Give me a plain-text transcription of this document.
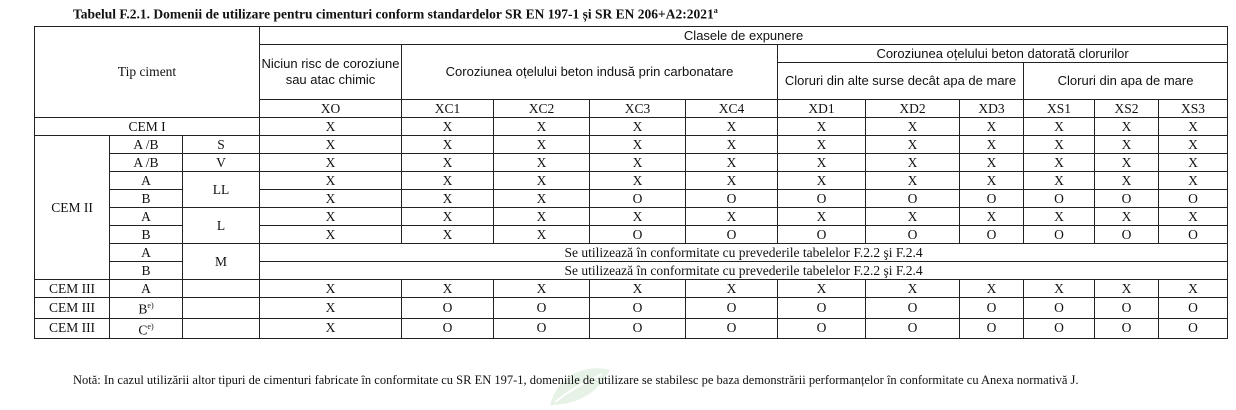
Tabelul F.2.1. Domenii de utilizare pentru cimenturi conform standardelor SR EN 197-1 și SR EN $206+A2:2021^a$
Tip ciment			Clasele de expunere										
			Niciun risc de coroziune sau atac chimic	Coroziunea oțelului beton indusă prin carbonatare				Coroziunea oțelului beton datorată clorurilor					
								Cloruri din alte surse decât apa de mare			Cloruri din apa de mare		
			XO	XC1	XC2	XC3	XC4	XD1	XD2	XD3	XS1	XS2	XS3
CEM I			X	X	X	X	X	X	X	X	X	X	X
CEM II	A /B	S	X	X	X	X	X	X	X	X	X	X	X
	A /B	V	X	X	X	X	X	X	X	X	X	X	X
	A	LL	X	X	X	X	X	X	X	X	X	X	X
	B		X	X	X	O	O	O	O	O	O	O	O
	A	L	X	X	X	X	X	X	X	X	X	X	X
	B		X	X	X	O	O	O	O	O	O	O	O
	A	M	Se utilizează în conformitate cu prevederile tabelelor F.2.2 şi F.2.4										
	B		Se utilizează în conformitate cu prevederile tabelelor F.2.2 şi F.2.4										
CEM III	A		X	X	X	X	X	X	X	X	X	X	X
CEM III	$B^{e)}$		X	O	O	O	O	O	O	O	O	O	O
CEM III	$C^{e)}$		X	O	O	O	O	O	O	O	O	O	O
Notă: In cazul utilizării altor tipuri de cimenturi fabricate în conformitate cu SR EN 197-1, domeniile de utilizare se stabilesc pe baza demonstrării performanțelor în conformitate cu Anexa normativă J.
